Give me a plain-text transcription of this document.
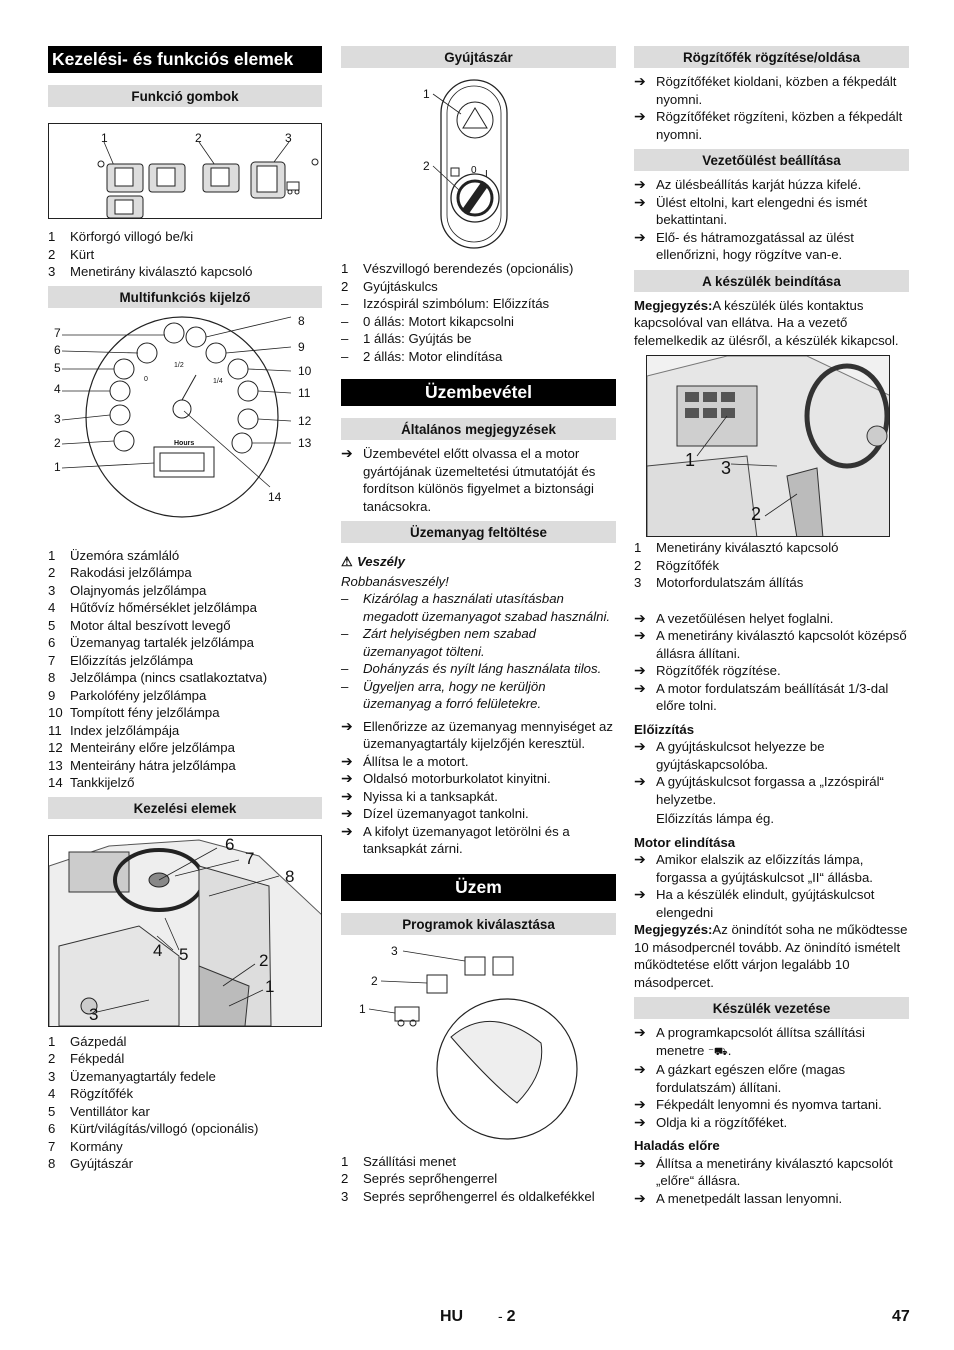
Kezelési- és funkciós elemek
Funkció gombok
1	2	3
1	Körforgó villogó be/ki
2	Kürt
3	Menetirány kiválasztó kapcsoló
Multifunkciós kijelző
7
6
5
4
3
2
1
8
9
10
11
12
13
14
1/2
1/4
0
Hours
1	Üzemóra számláló
2	Rakodási jelzőlámpa
3	Olajnyomás jelzőlámpa
4	Hűtővíz hőmérséklet jelzőlámpa
5	Motor által beszívott levegő
6	Üzemanyag tartalék jelzőlámpa
7	Előizzítás jelzőlámpa
8	Jelzőlámpa (nincs csatlakoztatva)
9	Parkolófény jelzőlámpa
10 Tompított fény jelzőlámpa
11 Index jelzőlámpája
12 Menteirány előre jelzőlámpa
13 Menteirány hátra jelzőlámpa
14 Tankkijelző
Kezelési elemek
6
7
8
4 5	2
1
3
1	Gázpedál
2	Fékpedál
3	Üzemanyagtartály fedele
4	Rögzítőfék
5	Ventillátor kar
6	Kürt/világítás/villogó (opcionális)
7	Kormány
8	Gyújtászár
Gyújtászár
1
2	0 I
1	Vészvillogó berendezés (opcionális)
2	Gyújtáskulcs
–	Izzóspirál szimbólum: Előizzítás
–	0 állás: Motort kikapcsolni
–	1 állás: Gyújtás be
–	2 állás: Motor elindítása
Üzembevétel
Általános megjegyzések
➔ Üzembevétel előtt olvassa el a motor gyártójának üzemeltetési útmutatóját és fordítson különös figyelmet a biztonsági tanácsokra.
Üzemanyag feltöltése
⚠ Veszély
Robbanásveszély!
–	Kizárólag a használati utasításban megadott üzemanyagot szabad használni.
–	Zárt helyiségben nem szabad üzemanyagot tölteni.
–	Dohányzás és nyílt láng használata tilos.
–	Ügyeljen arra, hogy ne kerüljön üzemanyag a forró felületekre.
➔ Ellenőrizze az üzemanyag mennyiséget az üzemanyagtartály kijelzőjén keresztül.
➔ Állítsa le a motort.
➔ Oldalsó motorburkolatot kinyitni.
➔ Nyissa ki a tanksapkát.
➔ Dízel üzemanyagot tankolni.
➔ A kifolyt üzemanyagot letörölni és a tanksapkát zárni.
Üzem
Programok kiválasztása
3
2
1
1	Szállítási menet
2	Seprés seprőhengerrel
3	Seprés seprőhengerrel és oldalkefékkel
Rögzítőfék rögzítése/oldása
➔ Rögzítőféket kioldani, közben a fékpedált nyomni.
➔ Rögzítőféket rögzíteni, közben a fékpedált nyomni.
Vezetőülést beállítása
➔ Az ülésbeállítás karját húzza kifelé.
➔ Ülést eltolni, kart elengedni és ismét bekattintani.
➔ Elő- és hátramozgatással az ülést ellenőrizni, hogy rögzítve van-e.
A készülék beindítása

Megjegyzés:A készülék ülés kontaktus kapcsolóval van ellátva. Ha a vezető felemelkedik az ülésről, a készülék kikapcsol.

1 3
2
1	Menetirány kiválasztó kapcsoló
2	Rögzítőfék
3	Motorfordulatszám állítás
➔ A vezetőülésen helyet foglalni.
➔ A menetirány kiválasztó kapcsolót középső állásra állítani.
➔ Rögzítőfék rögzítése.
➔ A motor fordulatszám beállítását 1/3-dal előre tolni.
Előizzítás
➔ A gyújtáskulcsot helyezze be gyújtáskapcsolóba.
➔ A gyújtáskulcsot forgassa a „Izzóspirál“ helyzetbe.
Előizzítás lámpa ég.
Motor elindítása
➔ Amikor elalszik az előizzítás lámpa, forgassa a gyújtáskulcsot „II“ állásba.
➔ Ha a készülék elindult, gyújtáskulcsot elengedni

Megjegyzés:Az önindítót soha ne működtesse 10 másodpercnél tovább. Az önindító ismételt működtetése előtt várjon legalább 10 másodpercet.

Készülék vezetése
➔ A programkapcsolót állítsa szállítási menetre ⁻⛟.
➔ A gázkart egészen előre (magas fordulatszám) állítani.
➔ Fékpedált lenyomni és nyomva tartani.
➔ Oldja ki a rögzítőféket.
Haladás előre
➔ Állítsa a menetirány kiválasztó kapcsolót „előre“ állásra.
➔ A menetpedált lassan lenyomni.
HU - 2	47
